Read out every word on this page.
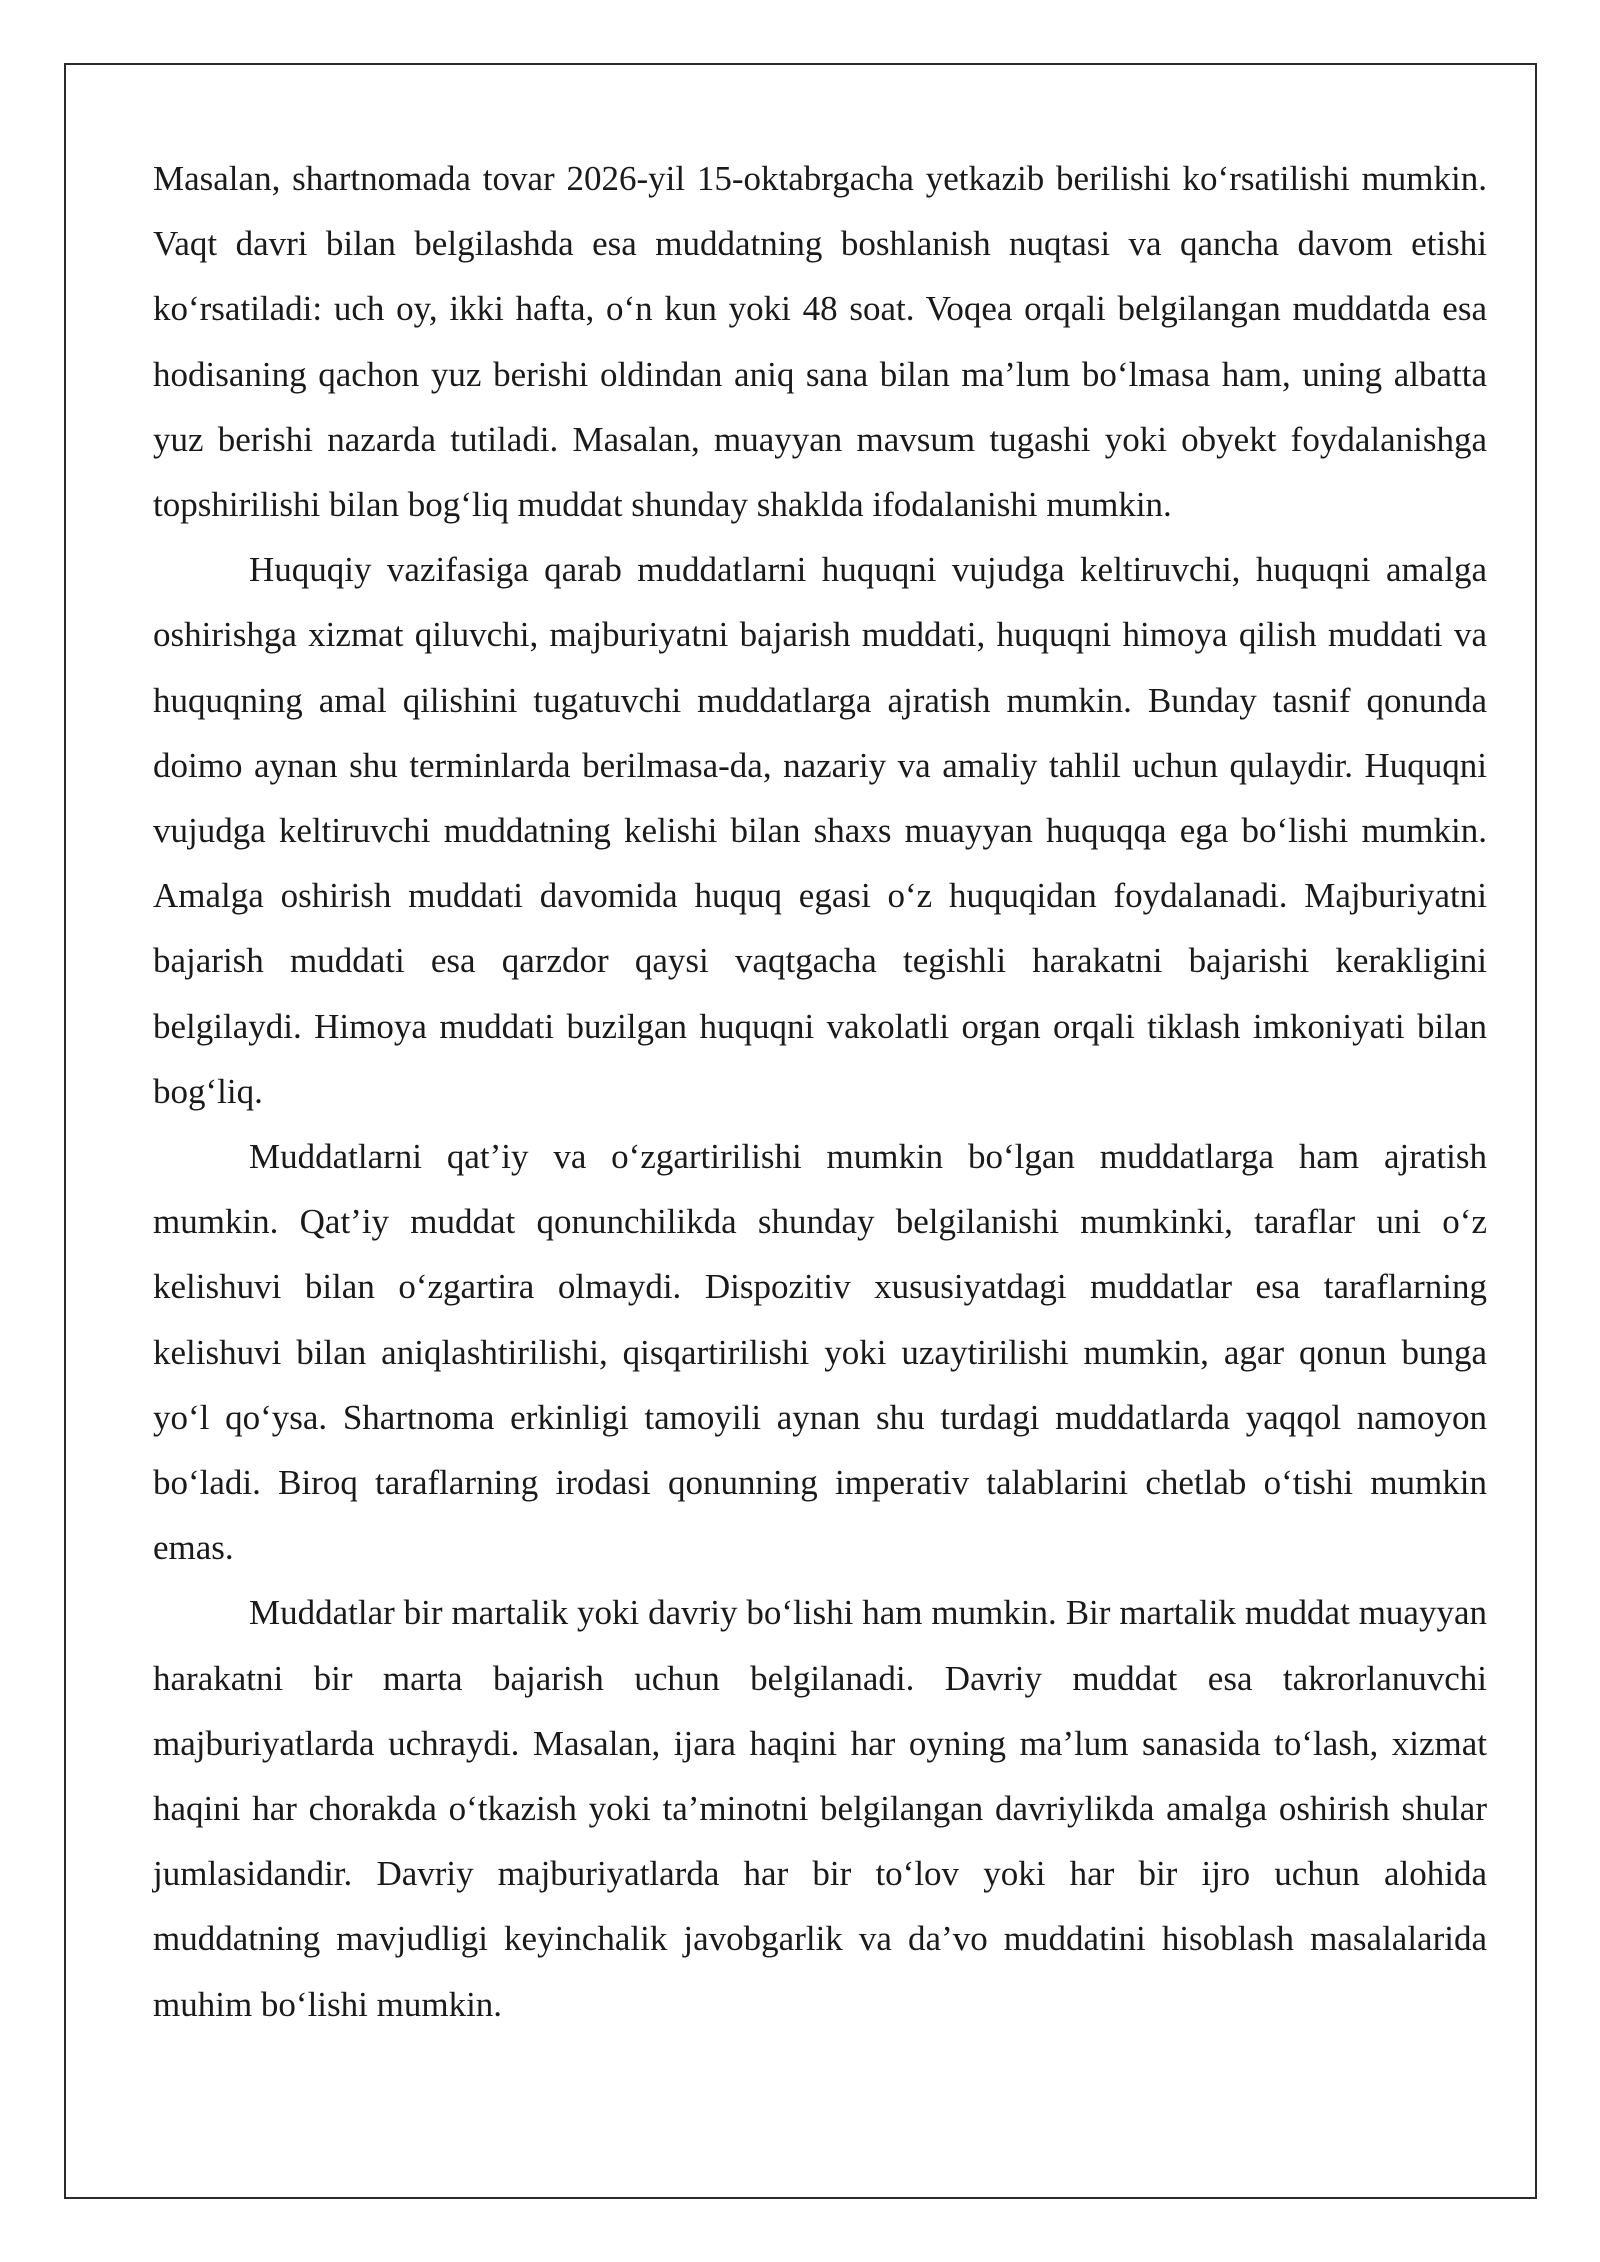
Masalan, shartnomada tovar 2026-yil 15-oktabrgacha yetkazib berilishi ko‘rsatilishi mumkin. Vaqt davri bilan belgilashda esa muddatning boshlanish nuqtasi va qancha davom etishi ko‘rsatiladi: uch oy, ikki hafta, o‘n kun yoki 48 soat. Voqea orqali belgilangan muddatda esa hodisaning qachon yuz berishi oldindan aniq sana bilan ma’lum bo‘lmasa ham, uning albatta yuz berishi nazarda tutiladi. Masalan, muayyan mavsum tugashi yoki obyekt foydalanishga topshirilishi bilan bog‘liq muddat shunday shaklda ifodalanishi mumkin.

Huquqiy vazifasiga qarab muddatlarni huquqni vujudga keltiruvchi, huquqni amalga oshirishga xizmat qiluvchi, majburiyatni bajarish muddati, huquqni himoya qilish muddati va huquqning amal qilishini tugatuvchi muddatlarga ajratish mumkin. Bunday tasnif qonunda doimo aynan shu terminlarda berilmasa-da, nazariy va amaliy tahlil uchun qulaydir. Huquqni vujudga keltiruvchi muddatning kelishi bilan shaxs muayyan huquqqa ega bo‘lishi mumkin. Amalga oshirish muddati davomida huquq egasi o‘z huquqidan foydalanadi. Majburiyatni bajarish muddati esa qarzdor qaysi vaqtgacha tegishli harakatni bajarishi kerakligini belgilaydi. Himoya muddati buzilgan huquqni vakolatli organ orqali tiklash imkoniyati bilan bog‘liq.

Muddatlarni qat’iy va o‘zgartirilishi mumkin bo‘lgan muddatlarga ham ajratish mumkin. Qat’iy muddat qonunchilikda shunday belgilanishi mumkinki, taraflar uni o‘z kelishuvi bilan o‘zgartira olmaydi. Dispozitiv xususiyatdagi muddatlar esa taraflarning kelishuvi bilan aniqlashtirilishi, qisqartirilishi yoki uzaytirilishi mumkin, agar qonun bunga yo‘l qo‘ysa. Shartnoma erkinligi tamoyili aynan shu turdagi muddatlarda yaqqol namoyon bo‘ladi. Biroq taraflarning irodasi qonunning imperativ talablarini chetlab o‘tishi mumkin emas.

Muddatlar bir martalik yoki davriy bo‘lishi ham mumkin. Bir martalik muddat muayyan harakatni bir marta bajarish uchun belgilanadi. Davriy muddat esa takrorlanuvchi majburiyatlarda uchraydi. Masalan, ijara haqini har oyning ma’lum sanasida to‘lash, xizmat haqini har chorakda o‘tkazish yoki ta’minotni belgilangan davriylikda amalga oshirish shular jumlasidandir. Davriy majburiyatlarda har bir to‘lov yoki har bir ijro uchun alohida muddatning mavjudligi keyinchalik javobgarlik va da’vo muddatini hisoblash masalalarida muhim bo‘lishi mumkin.
